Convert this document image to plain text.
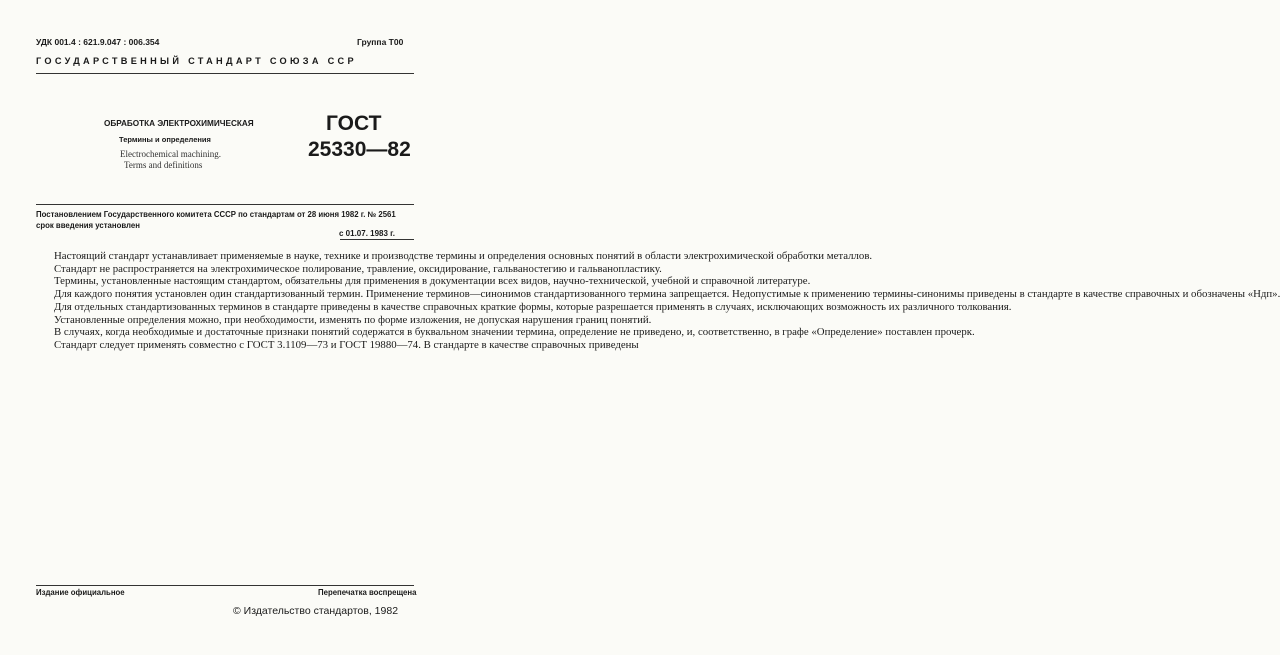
УДК 001.4 : 621.9.047 : 006.354	Группа Т00
ГОСУДАРСТВЕННЫЙ СТАНДАРТ СОЮЗА ССР
ОБРАБОТКА ЭЛЕКТРОХИМИЧЕСКАЯ
Термины и определения
Electrochemical machining.
Terms and definitions
ГОСТ
25330—82
Постановлением Государственного комитета СССР по стандартам от 28 июня 1982 г. № 2561 срок введения установлен
с 01.07. 1983 г.

Настоящий стандарт устанавливает применяемые в науке, технике и производстве термины и определения основных понятий в области электрохимической обработки металлов.

Стандарт не распространяется на электрохимическое полирование, травление, оксидирование, гальваностегию и гальванопластику.

Термины, установленные настоящим стандартом, обязательны для применения в документации всех видов, научно-технической, учебной и справочной литературе.

Для каждого понятия установлен один стандартизованный термин. Применение терминов—синонимов стандартизованного термина запрещается. Недопустимые к применению термины-синонимы приведены в стандарте в качестве справочных и обозначены «Ндп».

Для отдельных стандартизованных терминов в стандарте приведены в качестве справочных краткие формы, которые разрешается применять в случаях, исключающих возможность их различного толкования.

Установленные определения можно, при необходимости, изменять по форме изложения, не допуская нарушения границ понятий.

В случаях, когда необходимые и достаточные признаки понятий содержатся в буквальном значении термина, определение не приведено, и, соответственно, в графе «Определение» поставлен прочерк.

Стандарт следует применять совместно с ГОСТ 3.1109—73 и ГОСТ 19880—74. В стандарте в качестве справочных приведены

Издание официальное	Перепечатка воспрещена
© Издательство стандартов, 1982
